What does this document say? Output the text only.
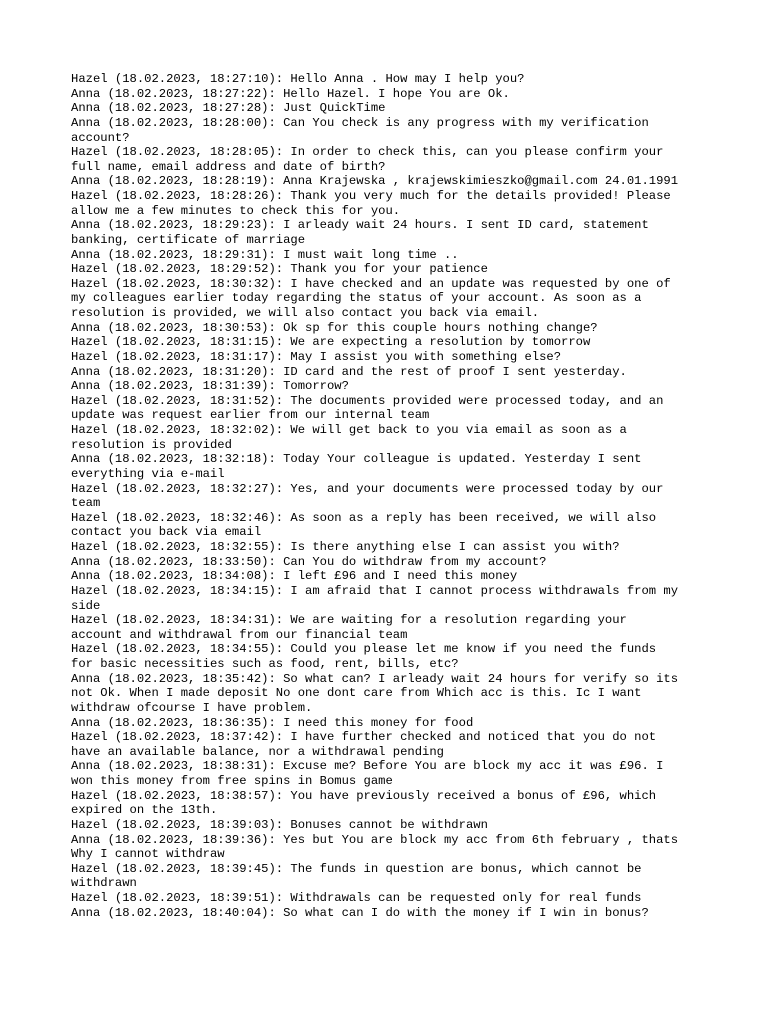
Hazel (18.02.2023, 18:27:10): Hello Anna . How may I help you?
Anna (18.02.2023, 18:27:22): Hello Hazel. I hope You are Ok.
Anna (18.02.2023, 18:27:28): Just QuickTime
Anna (18.02.2023, 18:28:00): Can You check is any progress with my verification
account?
Hazel (18.02.2023, 18:28:05): In order to check this, can you please confirm your
full name, email address and date of birth?
Anna (18.02.2023, 18:28:19): Anna Krajewska , krajewskimieszko@gmail.com 24.01.1991
Hazel (18.02.2023, 18:28:26): Thank you very much for the details provided! Please
allow me a few minutes to check this for you.
Anna (18.02.2023, 18:29:23): I arleady wait 24 hours. I sent ID card, statement
banking, certificate of marriage
Anna (18.02.2023, 18:29:31): I must wait long time ..
Hazel (18.02.2023, 18:29:52): Thank you for your patience
Hazel (18.02.2023, 18:30:32): I have checked and an update was requested by one of
my colleagues earlier today regarding the status of your account. As soon as a
resolution is provided, we will also contact you back via email.
Anna (18.02.2023, 18:30:53): Ok sp for this couple hours nothing change?
Hazel (18.02.2023, 18:31:15): We are expecting a resolution by tomorrow
Hazel (18.02.2023, 18:31:17): May I assist you with something else?
Anna (18.02.2023, 18:31:20): ID card and the rest of proof I sent yesterday.
Anna (18.02.2023, 18:31:39): Tomorrow?
Hazel (18.02.2023, 18:31:52): The documents provided were processed today, and an
update was request earlier from our internal team
Hazel (18.02.2023, 18:32:02): We will get back to you via email as soon as a
resolution is provided
Anna (18.02.2023, 18:32:18): Today Your colleague is updated. Yesterday I sent
everything via e-mail
Hazel (18.02.2023, 18:32:27): Yes, and your documents were processed today by our
team
Hazel (18.02.2023, 18:32:46): As soon as a reply has been received, we will also
contact you back via email
Hazel (18.02.2023, 18:32:55): Is there anything else I can assist you with?
Anna (18.02.2023, 18:33:50): Can You do withdraw from my account?
Anna (18.02.2023, 18:34:08): I left £96 and I need this money
Hazel (18.02.2023, 18:34:15): I am afraid that I cannot process withdrawals from my
side
Hazel (18.02.2023, 18:34:31): We are waiting for a resolution regarding your
account and withdrawal from our financial team
Hazel (18.02.2023, 18:34:55): Could you please let me know if you need the funds
for basic necessities such as food, rent, bills, etc?
Anna (18.02.2023, 18:35:42): So what can? I arleady wait 24 hours for verify so its
not Ok. When I made deposit No one dont care from Which acc is this. Ic I want
withdraw ofcourse I have problem.
Anna (18.02.2023, 18:36:35): I need this money for food
Hazel (18.02.2023, 18:37:42): I have further checked and noticed that you do not
have an available balance, nor a withdrawal pending
Anna (18.02.2023, 18:38:31): Excuse me? Before You are block my acc it was £96. I
won this money from free spins in Bomus game
Hazel (18.02.2023, 18:38:57): You have previously received a bonus of £96, which
expired on the 13th.
Hazel (18.02.2023, 18:39:03): Bonuses cannot be withdrawn
Anna (18.02.2023, 18:39:36): Yes but You are block my acc from 6th february , thats
Why I cannot withdraw
Hazel (18.02.2023, 18:39:45): The funds in question are bonus, which cannot be
withdrawn
Hazel (18.02.2023, 18:39:51): Withdrawals can be requested only for real funds
Anna (18.02.2023, 18:40:04): So what can I do with the money if I win in bonus?
